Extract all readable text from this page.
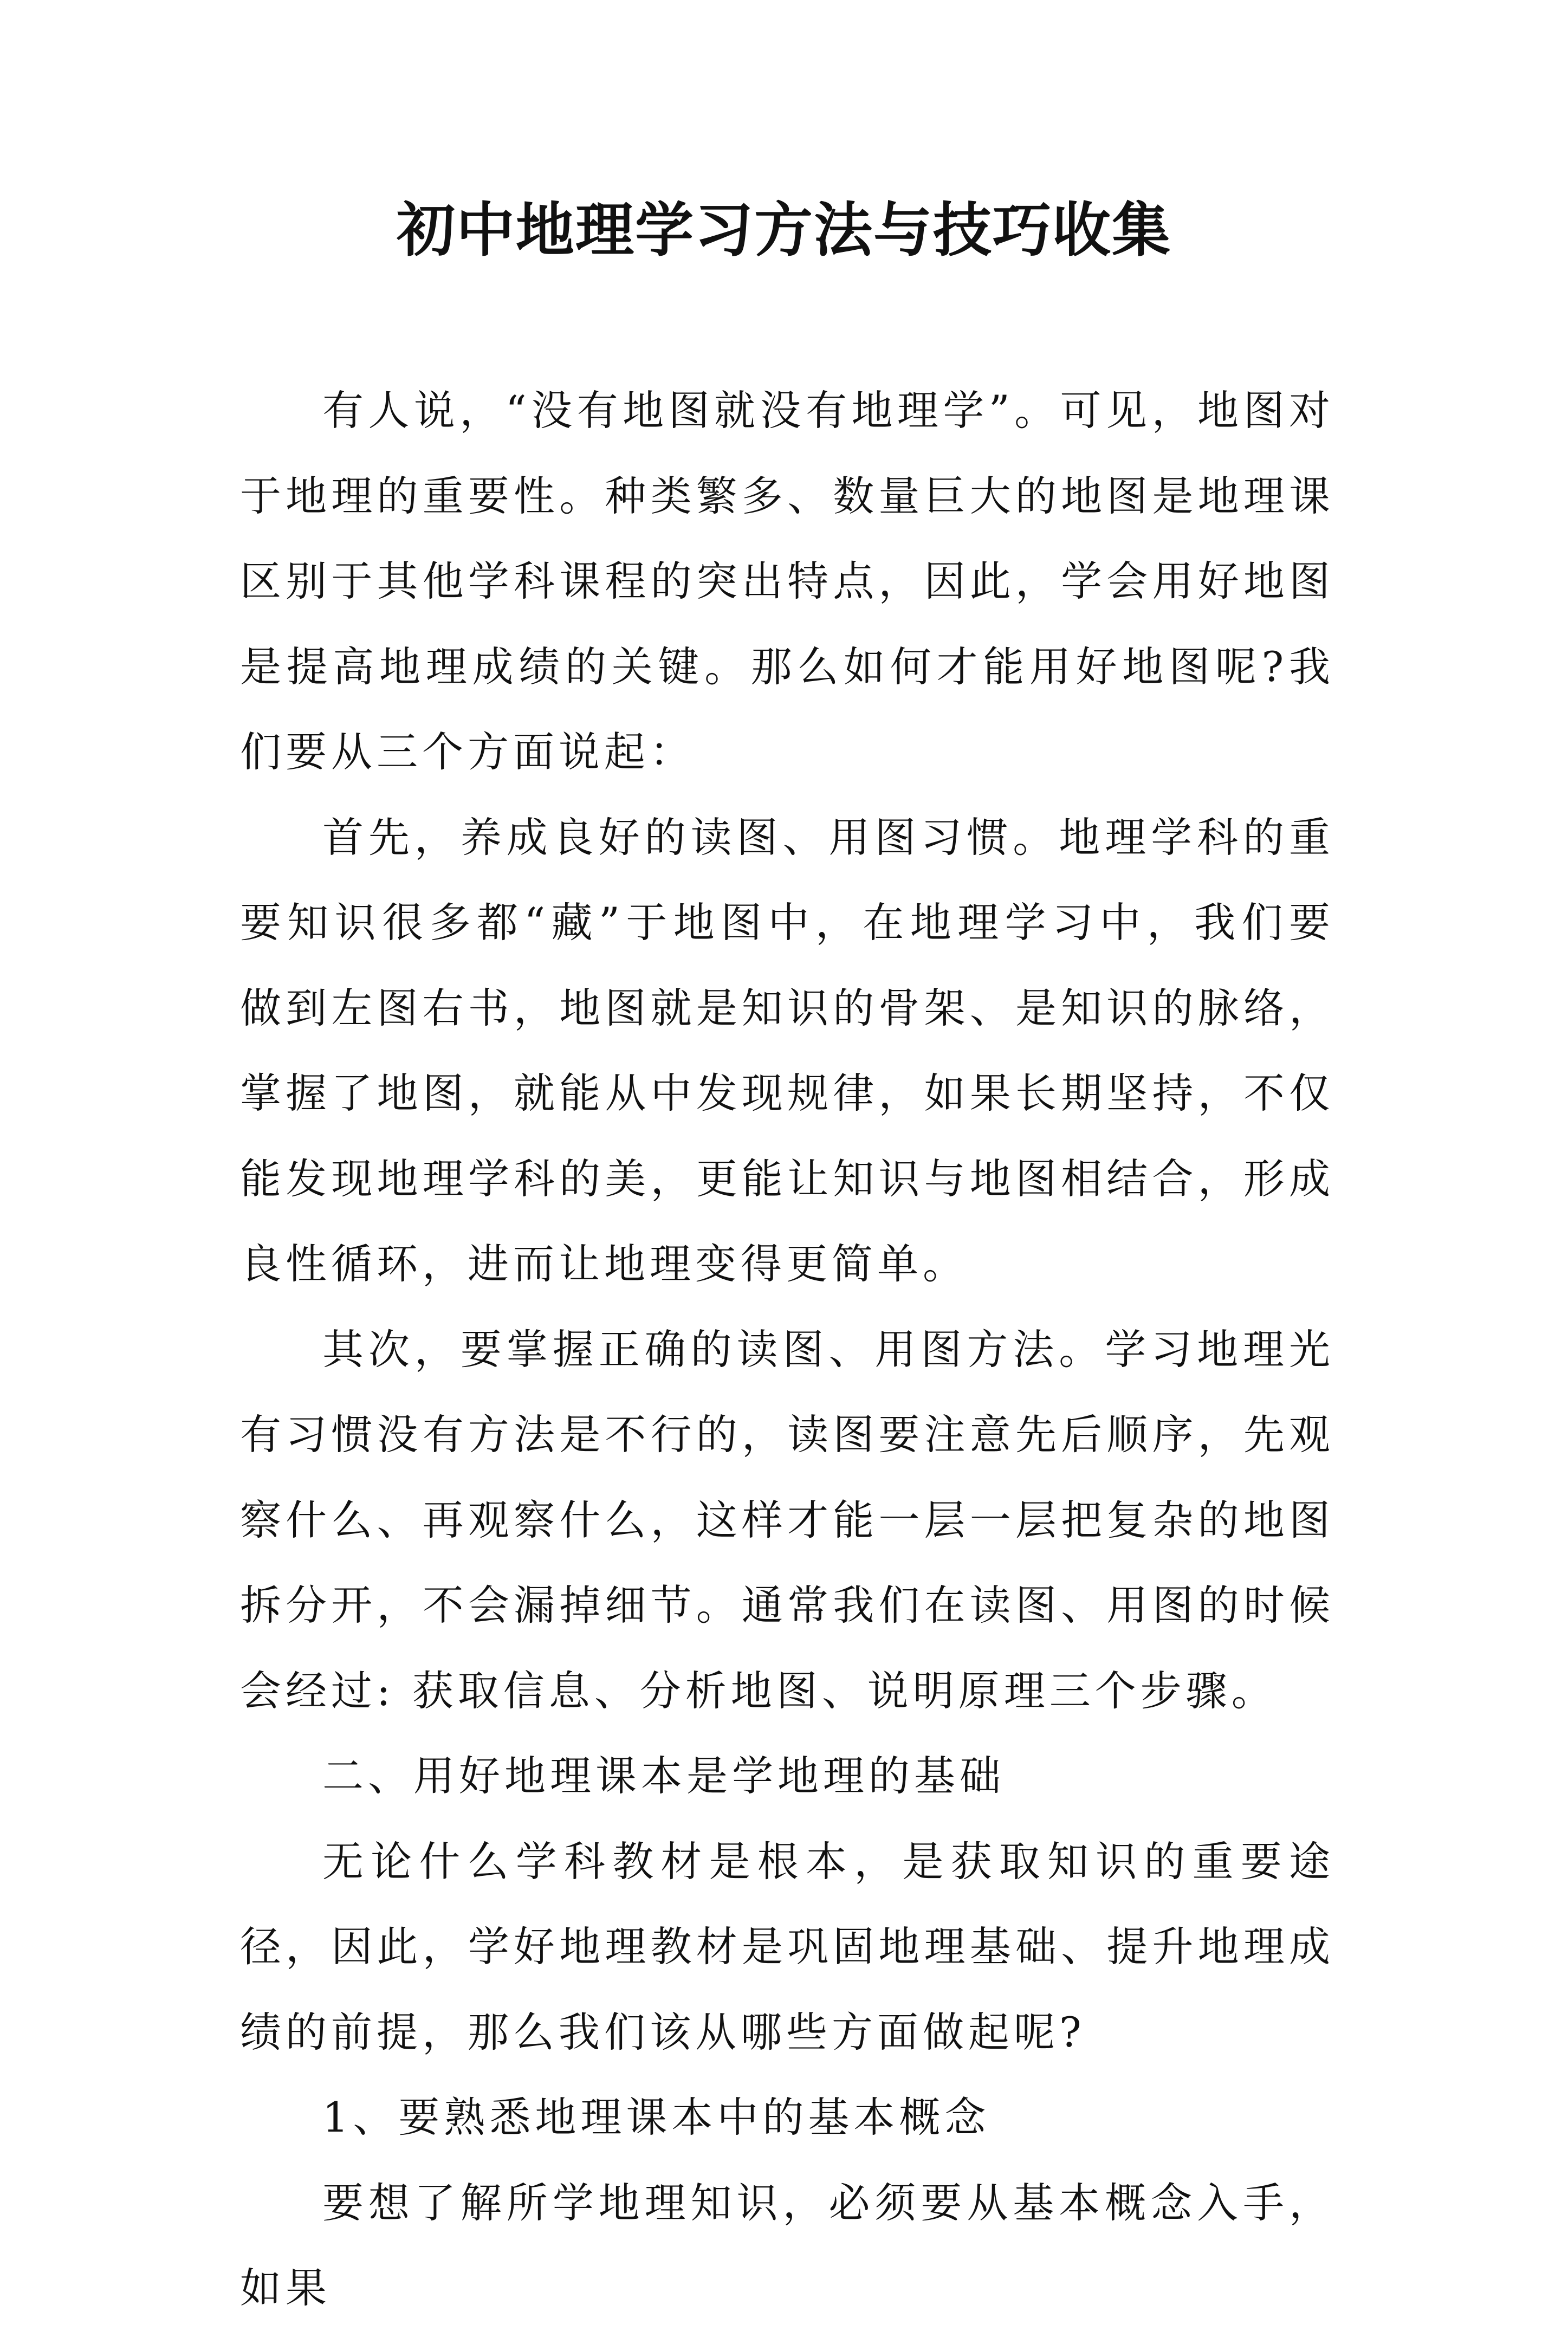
初中地理学习方法与技巧收集

有人说，“没有地图就没有地理学”。可见，地图对于地理的重要性。种类繁多、数量巨大的地图是地理课区别于其他学科课程的突出特点，因此，学会用好地图是提高地理成绩的关键。那么如何才能用好地图呢?我们要从三个方面说起：

首先，养成良好的读图、用图习惯。地理学科的重要知识很多都“藏”于地图中，在地理学习中，我们要做到左图右书，地图就是知识的骨架、是知识的脉络，掌握了地图，就能从中发现规律，如果长期坚持，不仅能发现地理学科的美，更能让知识与地图相结合，形成良性循环，进而让地理变得更简单。

其次，要掌握正确的读图、用图方法。学习地理光有习惯没有方法是不行的，读图要注意先后顺序，先观察什么、再观察什么，这样才能一层一层把复杂的地图拆分开，不会漏掉细节。通常我们在读图、用图的时候会经过: 获取信息、分析地图、说明原理三个步骤。

二、用好地理课本是学地理的基础

无论什么学科教材是根本，是获取知识的重要途径，因此，学好地理教材是巩固地理基础、提升地理成绩的前提，那么我们该从哪些方面做起呢?

1、要熟悉地理课本中的基本概念

要想了解所学地理知识，必须要从基本概念入手，如果
